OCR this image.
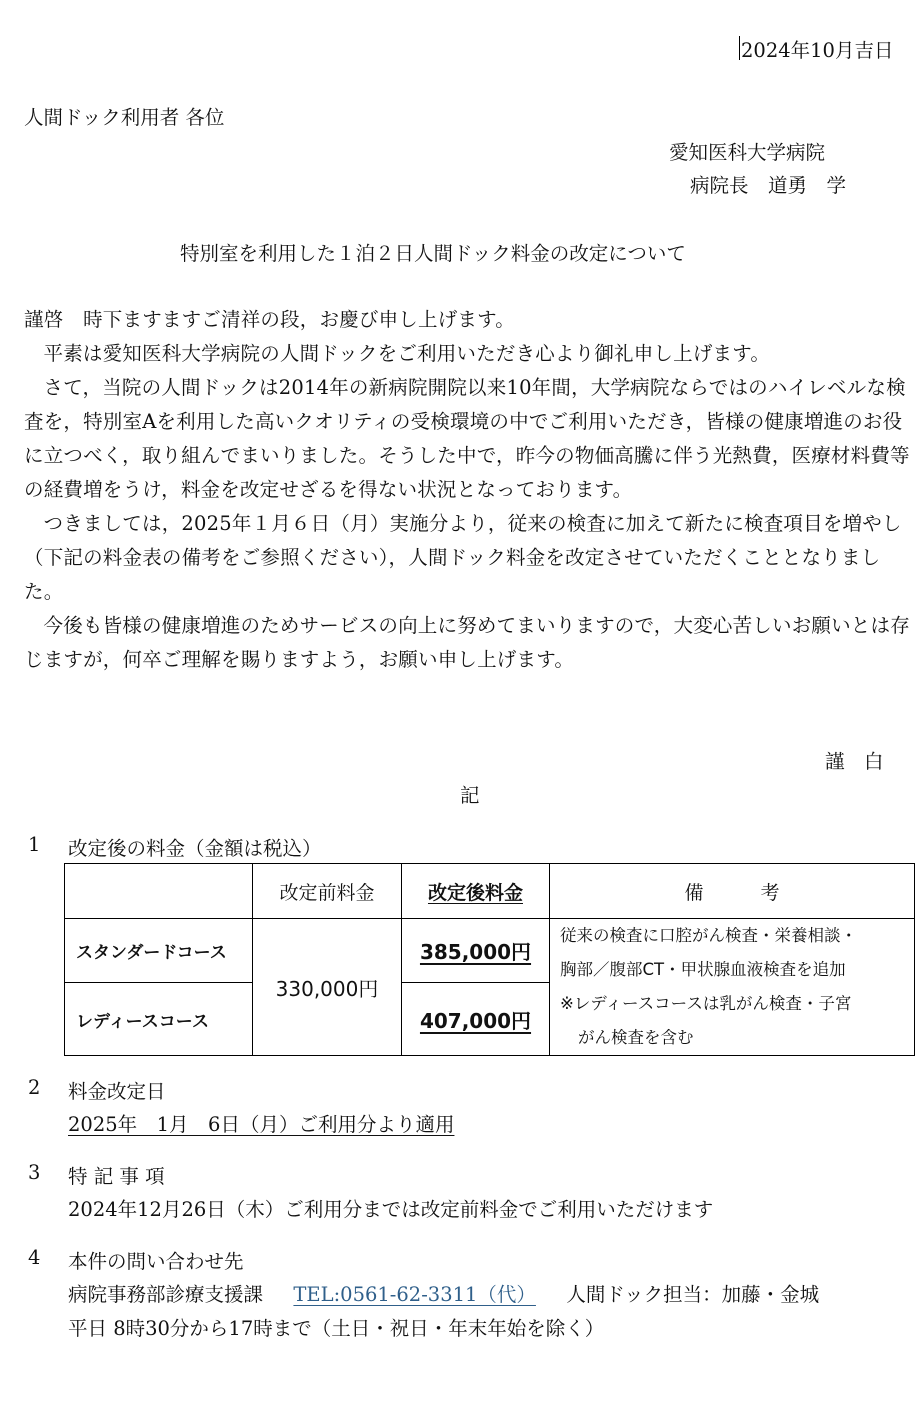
2024年10月吉日
人間ドック利用者 各位
愛知医科大学病院
病院長　道勇　学
特別室を利用した１泊２日人間ドック料金の改定について

謹啓　時下ますますご清祥の段，お慶び申し上げます。

平素は愛知医科大学病院の人間ドックをご利用いただき心より御礼申し上げます。

さて，当院の人間ドックは2014年の新病院開院以来10年間，大学病院ならではのハイレベルな検査を，特別室Aを利用した高いクオリティの受検環境の中でご利用いただき，皆様の健康増進のお役に立つべく，取り組んでまいりました。そうした中で，昨今の物価高騰に伴う光熱費，医療材料費等の経費増をうけ，料金を改定せざるを得ない状況となっております。

つきましては，2025年１月６日（月）実施分より，従来の検査に加えて新たに検査項目を増やし（下記の料金表の備考をご参照ください），人間ドック料金を改定させていただくこととなりました。

今後も皆様の健康増進のためサービスの向上に努めてまいりますので，大変心苦しいお願いとは存じますが，何卒ご理解を賜りますよう，お願い申し上げます。

謹　白
記
1 改定後の料金（金額は税込）
	改定前料金	改定後料金	備　　　考
スタンダードコース	330,000円	385,000円	従来の検査に口腔がん検査・栄養相談・
胸部／腹部CT・甲状腺血液検査を追加
※レディースコースは乳がん検査・子宮
がん検査を含む

レディースコース		407,000円	
2 料金改定日
2025年　1月　6日（月）ご利用分より適用
3 特 記 事 項
2024年12月26日（木）ご利用分までは改定前料金でご利用いただけます
4 本件の問い合わせ先
病院事務部診療支援課 TEL:0561-62-3311（代） 人間ドック担当：加藤・金城
平日 8時30分から17時まで（土日・祝日・年末年始を除く）
